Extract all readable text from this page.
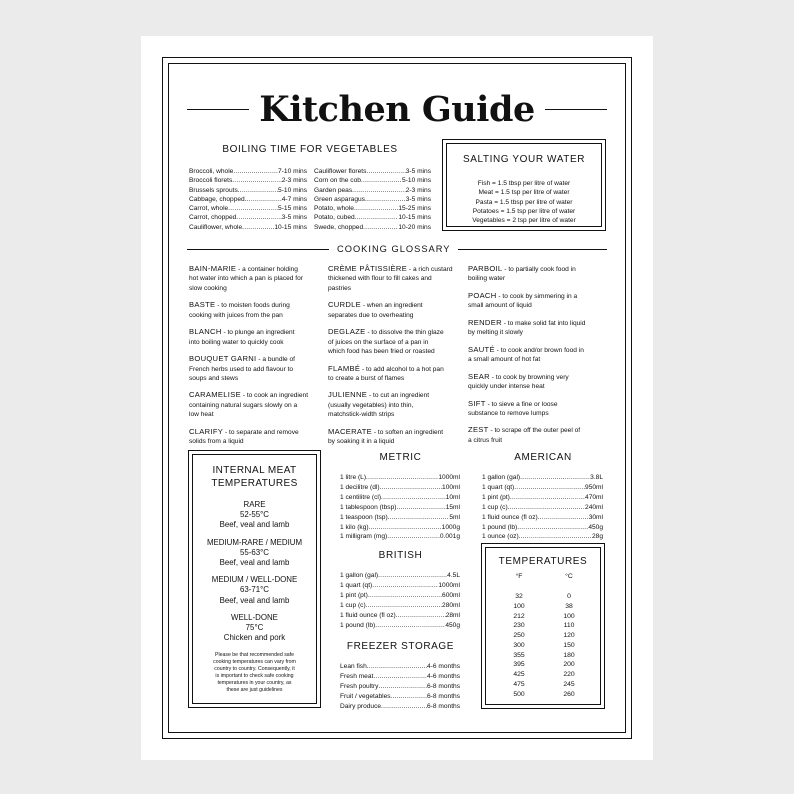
Kitchen Guide
BOILING TIME FOR VEGETABLES
Broccoli, whole .....	7-10 mins
Broccoli florets .....	2-3 mins
Brussels sprouts .....	5-10 mins
Cabbage, chopped .....	4-7 mins
Carrot, whole .....	5-15 mins
Carrot, chopped .....	3-5 mins
Cauliflower, whole .....	10-15 mins
Cauliflower florets .....	3-5 mins
Corn on the cob .....	5-10 mins
Garden peas .....	2-3 mins
Green asparagus .....	3-5 mins
Potato, whole .....	15-25 mins
Potato, cubed .....	10-15 mins
Swede, chopped .....	10-20 mins
SALTING YOUR WATER
Fish = 1.5 tbsp per litre of water
Meat = 1.5 tsp per litre of water
Pasta = 1.5 tbsp per litre of water
Potatoes = 1.5 tsp per litre of water
Vegetables = 2 tsp per litre of water
COOKING GLOSSARY
BAIN-MARIE - a container holding
hot water into which a pan is placed for
slow cooking
BASTE - to moisten foods during
cooking with juices from the pan
BLANCH - to plunge an ingredient
into boiling water to quickly cook
BOUQUET GARNI - a bundle of
French herbs used to add flavour to
soups and stews
CARAMELISE - to cook an ingredient
containing natural sugars slowly on a
low heat
CLARIFY - to separate and remove
solids from a liquid
CRÈME PÂTISSIÈRE - a rich custard
thickened with flour to fill cakes and
pastries
CURDLE - when an ingredient
separates due to overheating
DEGLAZE - to dissolve the thin glaze
of juices on the surface of a pan in
which food has been fried or roasted
FLAMBÉ - to add alcohol to a hot pan
to create a burst of flames
JULIENNE - to cut an ingredient
(usually vegetables) into thin,
matchstick-width strips
MACERATE - to soften an ingredient
by soaking it in a liquid
PARBOIL - to partially cook food in
boiling water
POACH - to cook by simmering in a
small amount of liquid
RENDER - to make solid fat into liquid
by melting it slowly
SAUTÉ - to cook and/or brown food in
a small amount of hot fat
SEAR - to cook by browning very
quickly under intense heat
SIFT - to sieve a fine or loose
substance to remove lumps
ZEST - to scrape off the outer peel of
a citrus fruit
INTERNAL MEAT
TEMPERATURES
RARE
52-55°C
Beef, veal and lamb
MEDIUM-RARE / MEDIUM
55-63°C
Beef, veal and lamb
MEDIUM / WELL-DONE
63-71°C
Beef, veal and lamb
WELL-DONE
75°C
Chicken and pork
Please be that recommended safe
cooking temperatures can vary from
country to country. Consequently, it
is important to check safe cooking
temperatures in your country, as
these are just guidelines
METRIC
1 litre (L) .....	1000ml
1 decilitre (dl) .....	100ml
1 centilitre (cl) .....	10ml
1 tablespoon (tbsp) .....	15ml
1 teaspoon (tsp) .....	5ml
1 kilo (kg) .....	1000g
1 milligram (mg) .....	0.001g
AMERICAN
1 gallon (gal) .....	3.8L
1 quart (qt) .....	950ml
1 pint (pt) .....	470ml
1 cup (c) .....	240ml
1 fluid ounce (fl oz) .....	30ml
1 pound (lb) .....	450g
1 ounce (oz) .....	28g
BRITISH
1 gallon (gal) .....	4.5L
1 quart (qt) .....	1000ml
1 pint (pt) .....	600ml
1 cup (c) .....	280ml
1 fluid ounce (fl oz) .....	28ml
1 pound (lb) .....	450g
FREEZER STORAGE
Lean fish .....	4-6 months
Fresh meat .....	4-6 months
Fresh poultry .....	6-8 months
Fruit / vegetables .....	6-8 months
Dairy produce .....	6-8 months
TEMPERATURES
°F	°C
32	0
100	38
212	100
230	110
250	120
300	150
355	180
395	200
425	220
475	245
500	260
